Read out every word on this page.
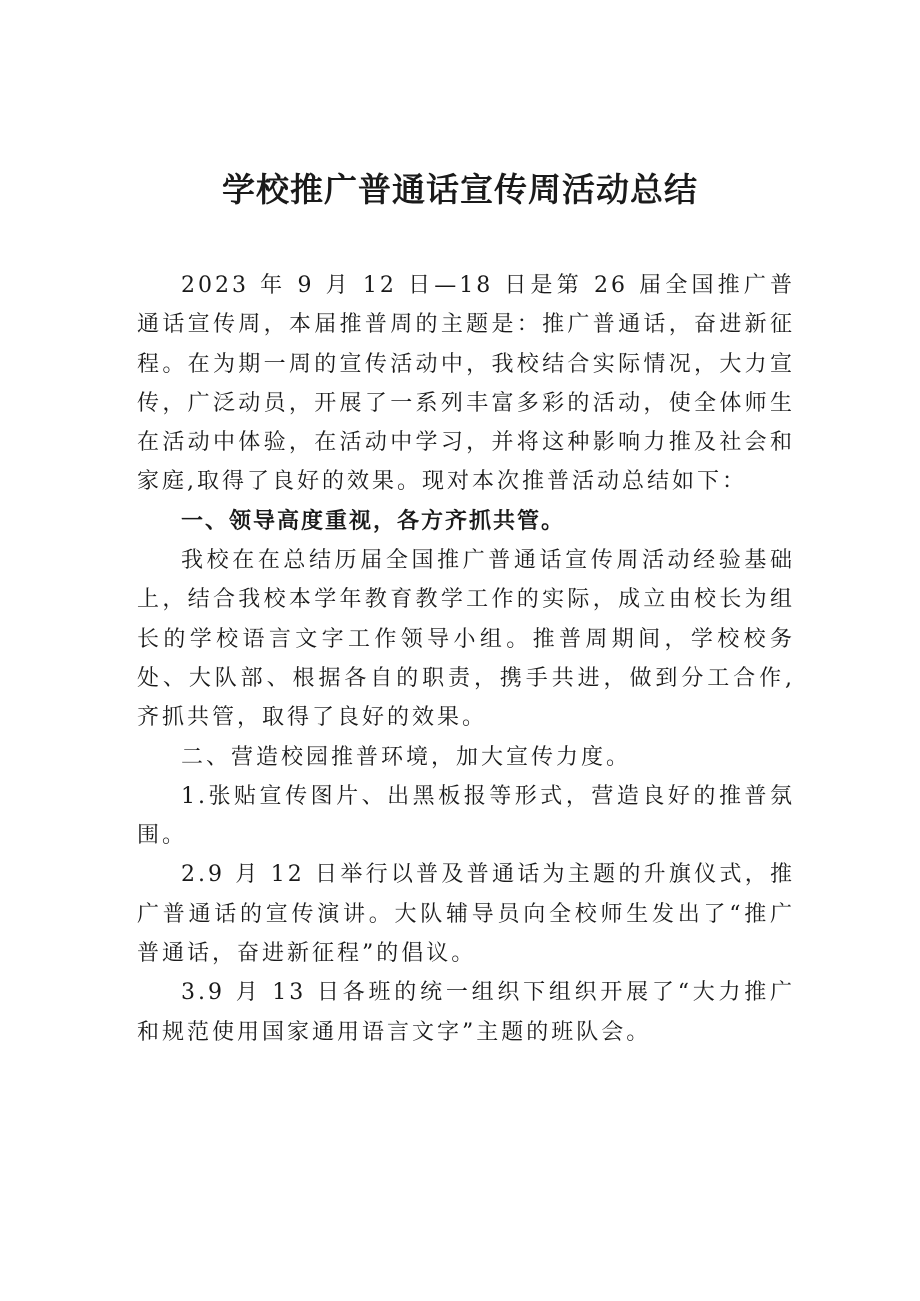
学校推广普通话宣传周活动总结

2023 年 9 月 12 日—18 日是第 26 届全国推广普通话宣传周，本届推普周的主题是：推广普通话，奋进新征程。在为期一周的宣传活动中，我校结合实际情况，大力宣传，广泛动员，开展了一系列丰富多彩的活动，使全体师生在活动中体验，在活动中学习，并将这种影响力推及社会和家庭,取得了良好的效果。现对本次推普活动总结如下：

一、领导高度重视，各方齐抓共管。

我校在在总结历届全国推广普通话宣传周活动经验基础上，结合我校本学年教育教学工作的实际，成立由校长为组长的学校语言文字工作领导小组。推普周期间，学校校务处、大队部、根据各自的职责，携手共进，做到分工合作,齐抓共管，取得了良好的效果。

二、营造校园推普环境，加大宣传力度。

1.张贴宣传图片、出黑板报等形式，营造良好的推普氛围。

2.9 月 12 日举行以普及普通话为主题的升旗仪式，推广普通话的宣传演讲。大队辅导员向全校师生发出了“推广普通话，奋进新征程”的倡议。

3.9 月 13 日各班的统一组织下组织开展了“大力推广和规范使用国家通用语言文字”主题的班队会。
